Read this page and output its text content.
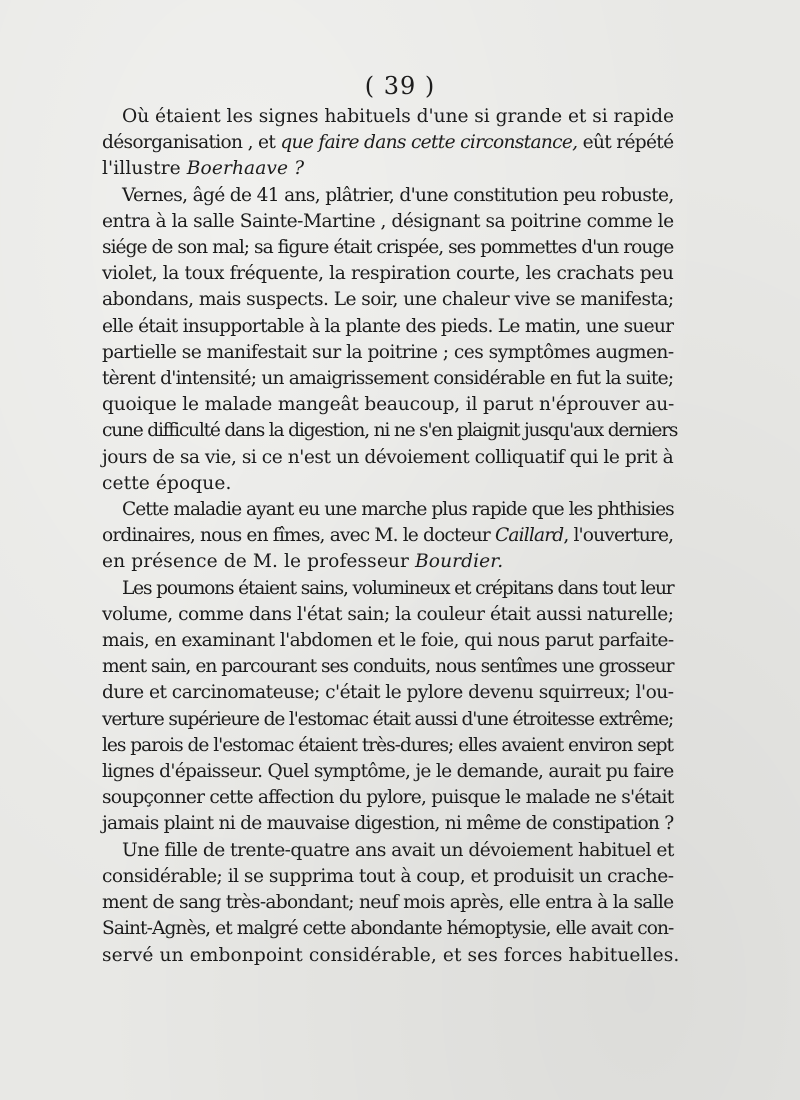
( 39 )

Où étaient les signes habituels d'une si grande et si rapide
désorganisation , et que faire dans cette circonstance, eût répété
l'illustre Boerhaave ?

Vernes, âgé de 41 ans, plâtrier, d'une constitution peu robuste,
entra à la salle Sainte-Martine , désignant sa poitrine comme le
siége de son mal; sa figure était crispée, ses pommettes d'un rouge
violet, la toux fréquente, la respiration courte, les crachats peu
abondans, mais suspects. Le soir, une chaleur vive se manifesta;
elle était insupportable à la plante des pieds. Le matin, une sueur
partielle se manifestait sur la poitrine ; ces symptômes augmen-
tèrent d'intensité; un amaigrissement considérable en fut la suite;
quoique le malade mangeât beaucoup, il parut n'éprouver au-
cune difficulté dans la digestion, ni ne s'en plaignit jusqu'aux derniers
jours de sa vie, si ce n'est un dévoiement colliquatif qui le prit à
cette époque.

Cette maladie ayant eu une marche plus rapide que les phthisies
ordinaires, nous en fîmes, avec M. le docteur Caillard, l'ouverture,
en présence de M. le professeur Bourdier.

Les poumons étaient sains, volumineux et crépitans dans tout leur
volume, comme dans l'état sain; la couleur était aussi naturelle;
mais, en examinant l'abdomen et le foie, qui nous parut parfaite-
ment sain, en parcourant ses conduits, nous sentîmes une grosseur
dure et carcinomateuse; c'était le pylore devenu squirreux; l'ou-
verture supérieure de l'estomac était aussi d'une étroitesse extrême;
les parois de l'estomac étaient très-dures; elles avaient environ sept
lignes d'épaisseur. Quel symptôme, je le demande, aurait pu faire
soupçonner cette affection du pylore, puisque le malade ne s'était
jamais plaint ni de mauvaise digestion, ni même de constipation ?

Une fille de trente-quatre ans avait un dévoiement habituel et
considérable; il se supprima tout à coup, et produisit un crache-
ment de sang très-abondant; neuf mois après, elle entra à la salle
Saint-Agnès, et malgré cette abondante hémoptysie, elle avait con-
servé un embonpoint considérable, et ses forces habituelles.
